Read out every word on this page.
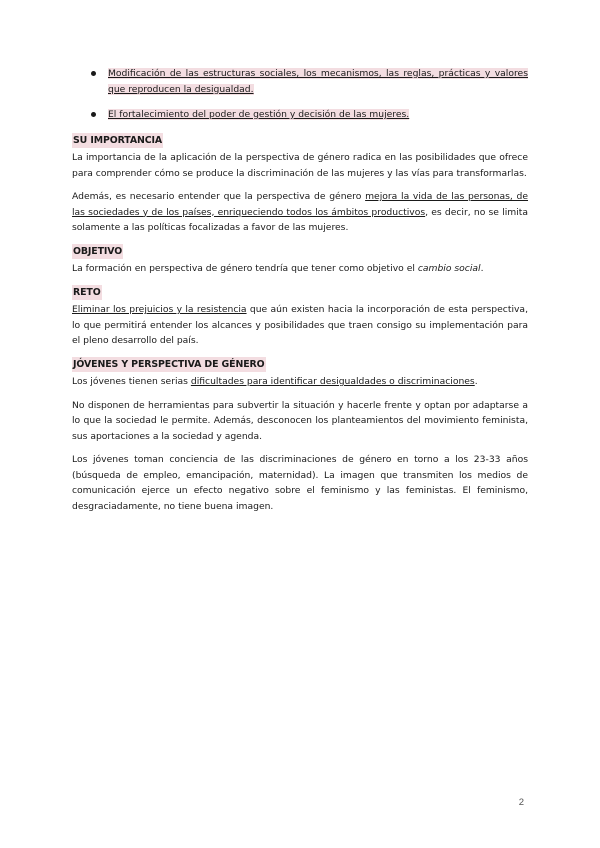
Modificación de las estructuras sociales, los mecanismos, las reglas, prácticas y valores que reproducen la desigualdad.
El fortalecimiento del poder de gestión y decisión de las mujeres.
SU IMPORTANCIA

La importancia de la aplicación de la perspectiva de género radica en las posibilidades que ofrece para comprender cómo se produce la discriminación de las mujeres y las vías para transformarlas.

Además, es necesario entender que la perspectiva de género mejora la vida de las personas, de las sociedades y de los países, enriqueciendo todos los ámbitos productivos, es decir, no se limita solamente a las políticas focalizadas a favor de las mujeres.

OBJETIVO

La formación en perspectiva de género tendría que tener como objetivo el cambio social.

RETO

Eliminar los prejuicios y la resistencia que aún existen hacia la incorporación de esta perspectiva, lo que permitirá entender los alcances y posibilidades que traen consigo su implementación para el pleno desarrollo del país.

JÓVENES Y PERSPECTIVA DE GÉNERO

Los jóvenes tienen serias dificultades para identificar desigualdades o discriminaciones.

No disponen de herramientas para subvertir la situación y hacerle frente y optan por adaptarse a lo que la sociedad le permite. Además, desconocen los planteamientos del movimiento feminista, sus aportaciones a la sociedad y agenda.

Los jóvenes toman conciencia de las discriminaciones de género en torno a los 23-33 años (búsqueda de empleo, emancipación, maternidad). La imagen que transmiten los medios de comunicación ejerce un efecto negativo sobre el feminismo y las feministas. El feminismo, desgraciadamente, no tiene buena imagen.

2
